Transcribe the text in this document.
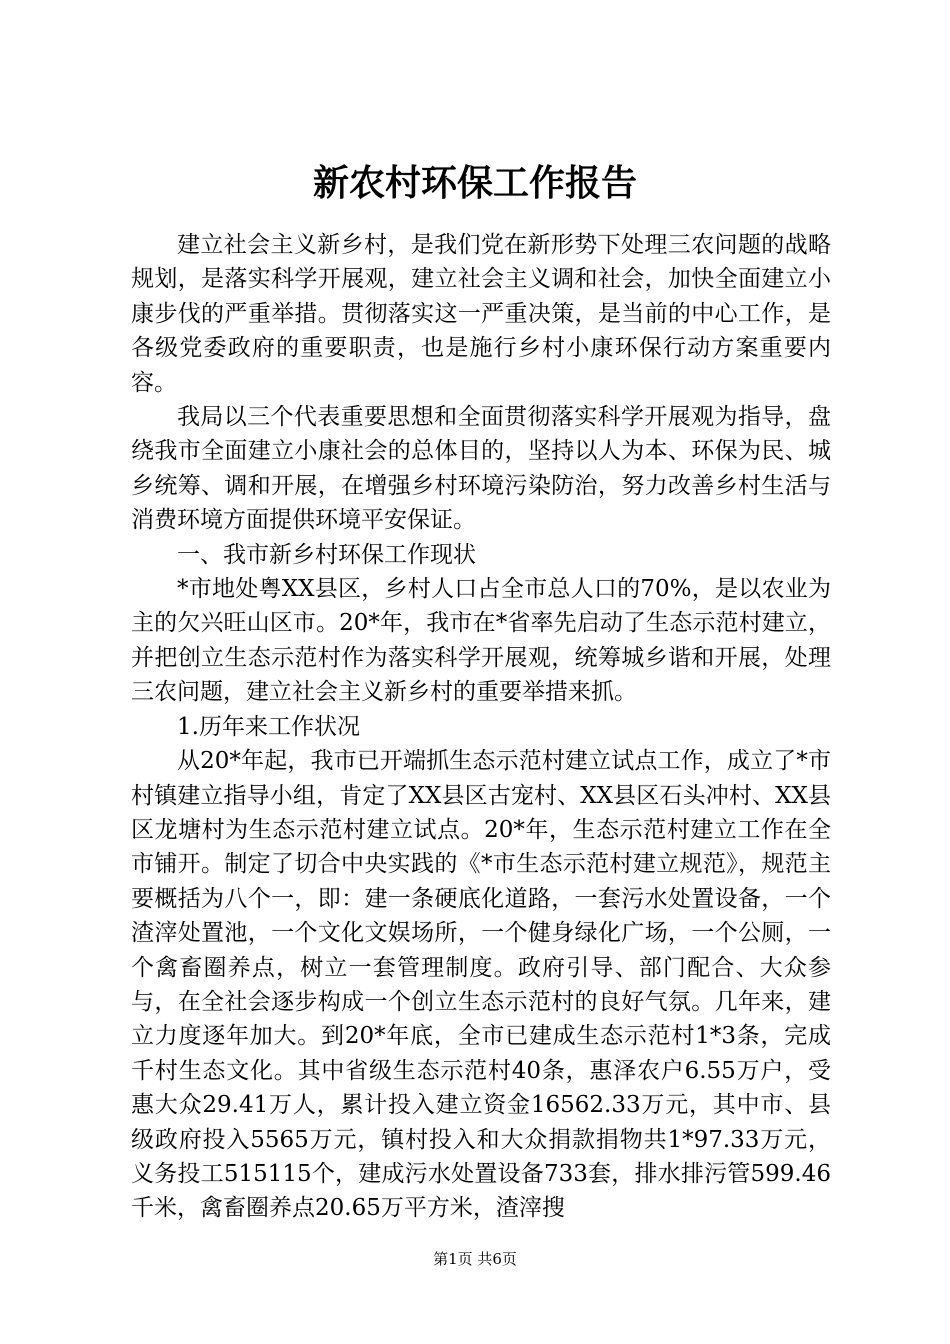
新农村环保工作报告

建立社会主义新乡村，是我们党在新形势下处理三农问题的战略规划，是落实科学开展观，建立社会主义调和社会，加快全面建立小康步伐的严重举措。贯彻落实这一严重决策，是当前的中心工作，是各级党委政府的重要职责，也是施行乡村小康环保行动方案重要内容。

我局以三个代表重要思想和全面贯彻落实科学开展观为指导，盘绕我市全面建立小康社会的总体目的，坚持以人为本、环保为民、城乡统筹、调和开展，在增强乡村环境污染防治，努力改善乡村生活与消费环境方面提供环境平安保证。

一、我市新乡村环保工作现状

*市地处粤XX县区，乡村人口占全市总人口的70%，是以农业为主的欠兴旺山区市。20*年，我市在*省率先启动了生态示范村建立，并把创立生态示范村作为落实科学开展观，统筹城乡谐和开展，处理三农问题，建立社会主义新乡村的重要举措来抓。

1.历年来工作状况

从20*年起，我市已开端抓生态示范村建立试点工作，成立了*市村镇建立指导小组，肯定了XX县区古宠村、XX县区石头冲村、XX县区龙塘村为生态示范村建立试点。20*年，生态示范村建立工作在全市铺开。制定了切合中央实践的《*市生态示范村建立规范》，规范主要概括为八个一，即：建一条硬底化道路，一套污水处置设备，一个渣滓处置池，一个文化文娱场所，一个健身绿化广场，一个公厕，一个禽畜圈养点，树立一套管理制度。政府引导、部门配合、大众参与，在全社会逐步构成一个创立生态示范村的良好气氛。几年来，建立力度逐年加大。到20*年底，全市已建成生态示范村1*3条，完成千村生态文化。其中省级生态示范村40条，惠泽农户6.55万户，受惠大众29.41万人，累计投入建立资金16562.33万元，其中市、县级政府投入5565万元，镇村投入和大众捐款捐物共1*97.33万元，义务投工515115个，建成污水处置设备733套，排水排污管599.46千米，禽畜圈养点20.65万平方米，渣滓搜

第1页 共6页
